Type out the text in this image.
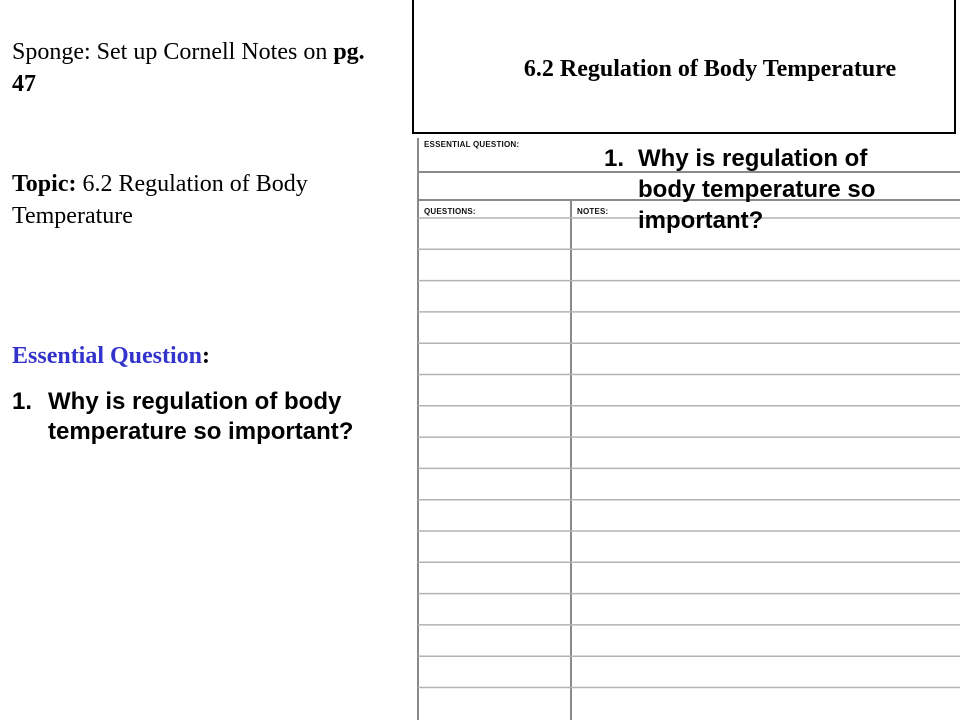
Sponge: Set up Cornell Notes on pg. 47
Topic: 6.2 Regulation of Body Temperature
Essential Question:
1. Why is regulation of body temperature so important?
6.2 Regulation of Body Temperature
ESSENTIAL QUESTION:
QUESTIONS:	NOTES:
1. Why is regulation of body temperature so important?
